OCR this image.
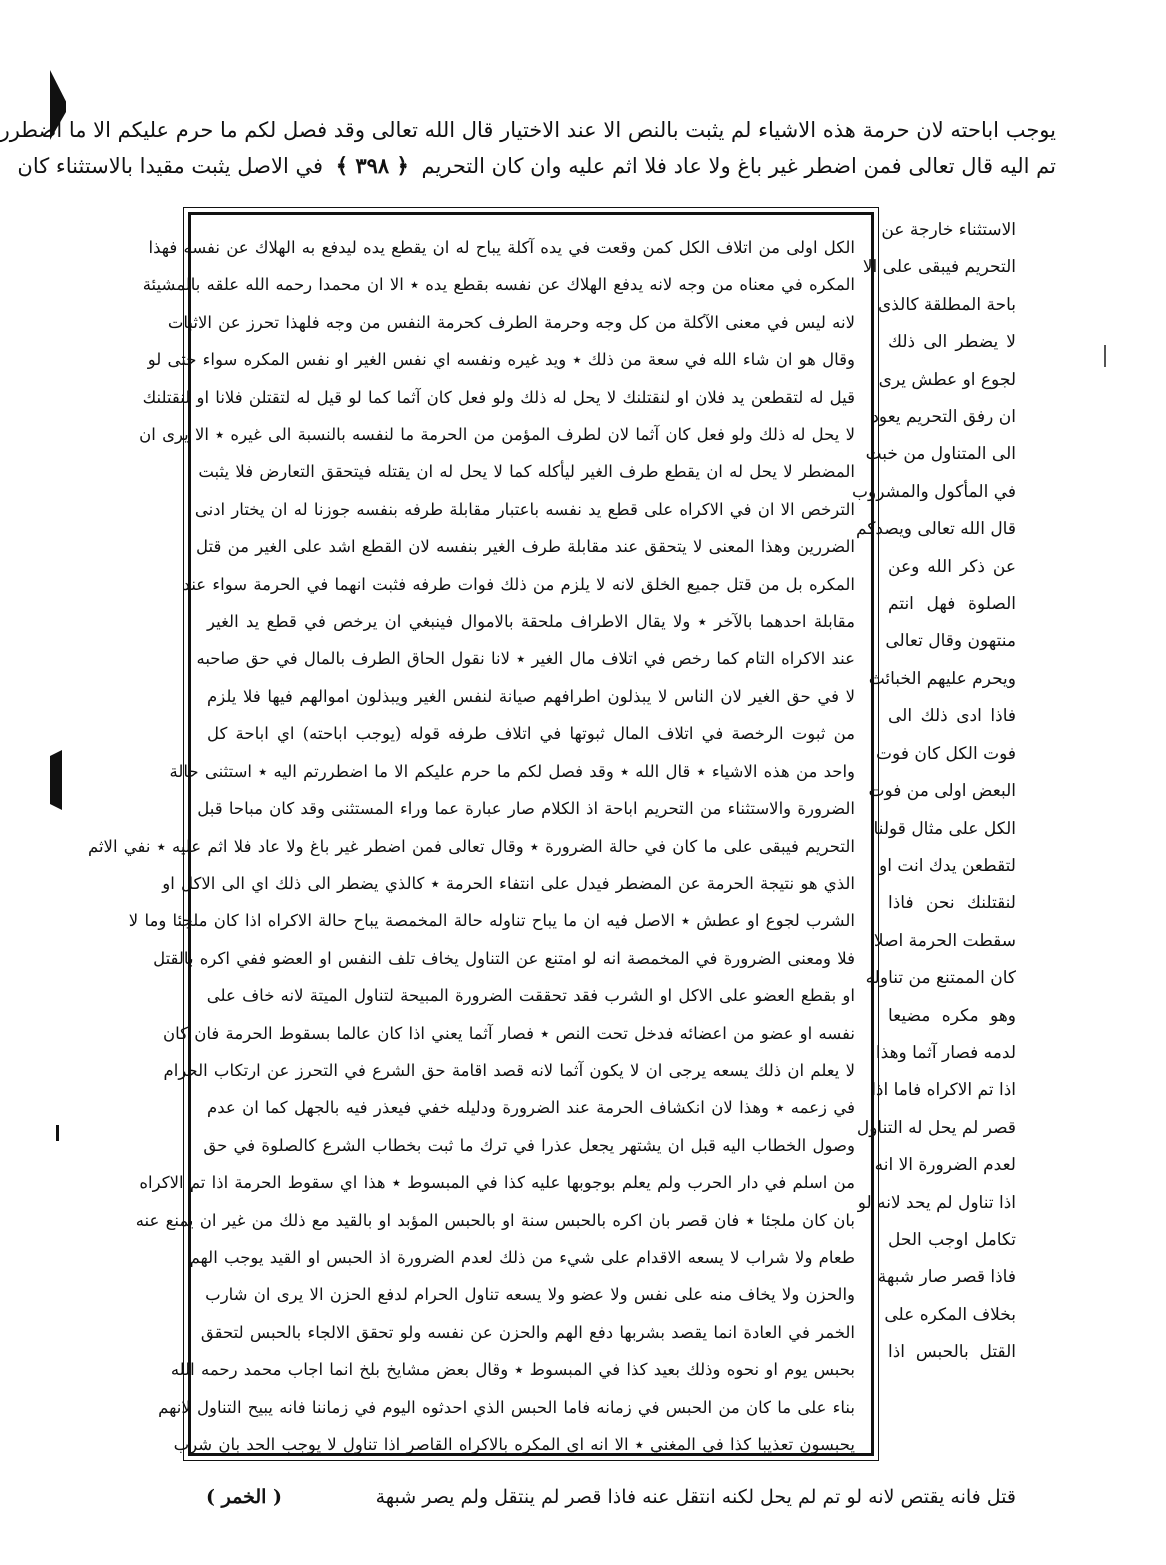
يوجب اباحته لان حرمة هذه الاشياء لم يثبت بالنص الا عند الاختيار قال الله تعالى وقد فصل لكم ما حرم عليكم الا ما اضطرر
تم اليه قال تعالى فمن اضطر غير باغ ولا عاد فلا اثم عليه وان كان التحريم ﴿ ٣٩٨ ﴾ في الاصل يثبت مقيدا بالاستثناء كان
الاستثناء خارجة عن
التحريم فيبقى على الا
باحة المطلقة كالذى
لا يضطر الى ذلك
لجوع او عطش يرى
ان رفق التحريم يعود
الى المتناول من خبث
في المأكول والمشروب
قال الله تعالى ويصدكم
عن ذكر الله وعن
الصلوة فهل انتم
منتهون وقال تعالى
ويحرم عليهم الخبائث
فاذا ادى ذلك الى
فوت الكل كان فوت
البعض اولى من فوت
الكل على مثال قولنا
لتقطعن يدك انت او
لنقتلنك نحن فاذا
سقطت الحرمة اصلا
كان الممتنع من تناوله
وهو مكره مضيعا
لدمه فصار آثما وهذا
اذا تم الاكراه فاما اذا
قصر لم يحل له التناول
لعدم الضرورة الا انه
اذا تناول لم يحد لانه لو
تكامل اوجب الحل
فاذا قصر صار شبهة
بخلاف المكره على
القتل بالحبس اذا
الكل اولى من اتلاف الكل كمن وقعت في يده آكلة يباح له ان يقطع يده ليدفع به الهلاك عن نفسه فهذا
المكره في معناه من وجه لانه يدفع الهلاك عن نفسه بقطع يده ٭ الا ان محمدا رحمه الله علقه بالمشيئة
لانه ليس في معنى الآكلة من كل وجه وحرمة الطرف كحرمة النفس من وجه فلهذا تحرز عن الاثبات
وقال هو ان شاء الله في سعة من ذلك ٭ ويد غيره ونفسه اي نفس الغير او نفس المكره سواء حتى لو
قيل له لتقطعن يد فلان او لنقتلنك لا يحل له ذلك ولو فعل كان آثما كما لو قيل له لتقتلن فلانا او لنقتلنك
لا يحل له ذلك ولو فعل كان آثما لان لطرف المؤمن من الحرمة ما لنفسه بالنسبة الى غيره ٭ الا يرى ان
المضطر لا يحل له ان يقطع طرف الغير ليأكله كما لا يحل له ان يقتله فيتحقق التعارض فلا يثبت
الترخص الا ان في الاكراه على قطع يد نفسه باعتبار مقابلة طرفه بنفسه جوزنا له ان يختار ادنى
الضررين وهذا المعنى لا يتحقق عند مقابلة طرف الغير بنفسه لان القطع اشد على الغير من قتل
المكره بل من قتل جميع الخلق لانه لا يلزم من ذلك فوات طرفه فثبت انهما في الحرمة سواء عند
مقابلة احدهما بالآخر ٭ ولا يقال الاطراف ملحقة بالاموال فينبغي ان يرخص في قطع يد الغير
عند الاكراه التام كما رخص في اتلاف مال الغير ٭ لانا نقول الحاق الطرف بالمال في حق صاحبه
لا في حق الغير لان الناس لا يبذلون اطرافهم صيانة لنفس الغير ويبذلون اموالهم فيها فلا يلزم
من ثبوت الرخصة في اتلاف المال ثبوتها في اتلاف طرفه قوله (يوجب اباحته) اي اباحة كل
واحد من هذه الاشياء ٭ قال الله ٭ وقد فصل لكم ما حرم عليكم الا ما اضطررتم اليه ٭ استثنى حالة
الضرورة والاستثناء من التحريم اباحة اذ الكلام صار عبارة عما وراء المستثنى وقد كان مباحا قبل
التحريم فيبقى على ما كان في حالة الضرورة ٭ وقال تعالى فمن اضطر غير باغ ولا عاد فلا اثم عليه ٭ نفي الاثم
الذي هو نتيجة الحرمة عن المضطر فيدل على انتفاء الحرمة ٭ كالذي يضطر الى ذلك اي الى الاكل او
الشرب لجوع او عطش ٭ الاصل فيه ان ما يباح تناوله حالة المخمصة يباح حالة الاكراه اذا كان ملجئا وما لا
فلا ومعنى الضرورة في المخمصة انه لو امتنع عن التناول يخاف تلف النفس او العضو ففي اكره بالقتل
او بقطع العضو على الاكل او الشرب فقد تحققت الضرورة المبيحة لتناول الميتة لانه خاف على
نفسه او عضو من اعضائه فدخل تحت النص ٭ فصار آثما يعني اذا كان عالما بسقوط الحرمة فان كان
لا يعلم ان ذلك يسعه يرجى ان لا يكون آثما لانه قصد اقامة حق الشرع في التحرز عن ارتكاب الحرام
في زعمه ٭ وهذا لان انكشاف الحرمة عند الضرورة ودليله خفي فيعذر فيه بالجهل كما ان عدم
وصول الخطاب اليه قبل ان يشتهر يجعل عذرا في ترك ما ثبت بخطاب الشرع كالصلوة في حق
من اسلم في دار الحرب ولم يعلم بوجوبها عليه كذا في المبسوط ٭ هذا اي سقوط الحرمة اذا تم الاكراه
بان كان ملجئا ٭ فان قصر بان اكره بالحبس سنة او بالحبس المؤبد او بالقيد مع ذلك من غير ان يمنع عنه
طعام ولا شراب لا يسعه الاقدام على شيء من ذلك لعدم الضرورة اذ الحبس او القيد يوجب الهم
والحزن ولا يخاف منه على نفس ولا عضو ولا يسعه تناول الحرام لدفع الحزن الا يرى ان شارب
الخمر في العادة انما يقصد بشربها دفع الهم والحزن عن نفسه ولو تحقق الالجاء بالحبس لتحقق
بحبس يوم او نحوه وذلك بعيد كذا في المبسوط ٭ وقال بعض مشايخ بلخ انما اجاب محمد رحمه الله
بناء على ما كان من الحبس في زمانه فاما الحبس الذي احدثوه اليوم في زماننا فانه يبيح التناول لانهم
يحبسون تعذيبا كذا في المغني ٭ الا انه اي المكره بالاكراه القاصر اذا تناول لا يوجب الحد بان شرب
قتل فانه يقتص لانه لو تم لم يحل لكنه انتقل عنه فاذا قصر لم ينتقل ولم يصر شبهة
( الخمر )
